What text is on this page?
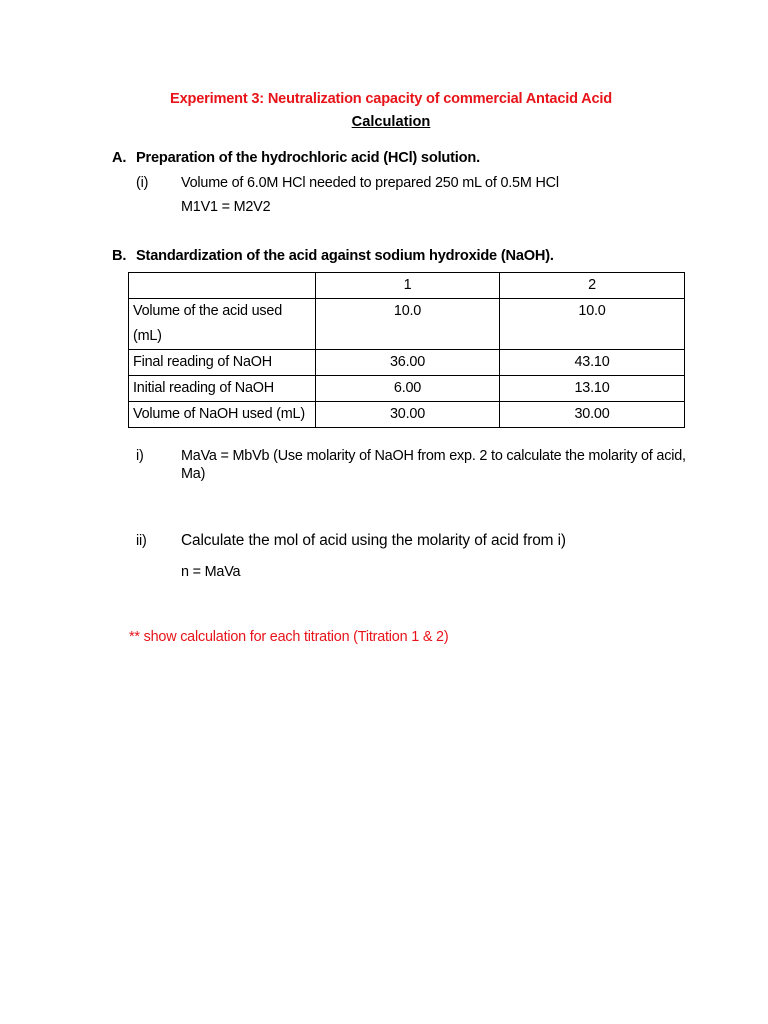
Experiment 3: Neutralization capacity of commercial Antacid Acid
Calculation
A. Preparation of the hydrochloric acid (HCl) solution.
(i) Volume of 6.0M HCl needed to prepared 250 mL of 0.5M HCl
M1V1 = M2V2
B. Standardization of the acid against sodium hydroxide (NaOH).
	1	2

Volume of the acid used
(mL)	10.0	10.0
Final reading of NaOH	36.00	43.10
Initial reading of NaOH	6.00	13.10
Volume of NaOH used (mL)	30.00	30.00
i)	MaVa = MbVb (Use molarity of NaOH from exp. 2 to calculate the molarity of acid,
Ma)
ii) Calculate the mol of acid using the molarity of acid from i)
n = MaVa
** show calculation for each titration (Titration 1 & 2)
